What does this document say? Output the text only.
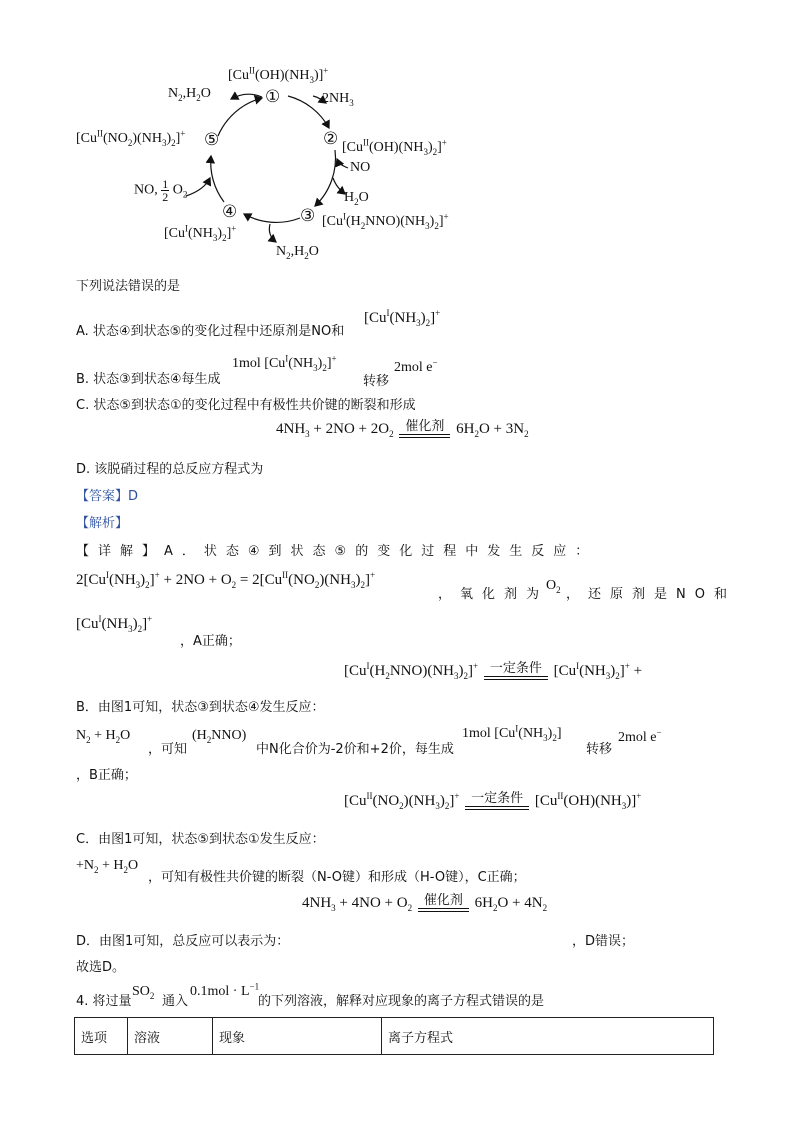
①
②
③
④
⑤
$[Cu^{II}(OH)(NH_3)]^+$
$[Cu^{II}(OH)(NH_3)_2]^+$
$[Cu^I(H_2NNO)(NH_3)_2]^+$
$[Cu^I(NH_3)_2]^+$
$[Cu^{II}(NO_2)(NH_3)_2]^+$
$2NH_3$
$N_2,H_2O$
NO
$H_2O$
$N_2,H_2O$
NO, $\frac{1}{2} O_2$
下列说法错误的是
A. 状态④到状态⑤的变化过程中还原剂是NO和
$[Cu^I(NH_3)_2]^+$
B. 状态③到状态④每生成
1mol $[Cu^I(NH_3)_2]^+$
转移
2mol e−
C. 状态⑤到状态①的变化过程中有极性共价键的断裂和形成
$4NH_3 + 2NO + 2O_2$ 催化剂 $6H_2O + 3N_2$
D. 该脱硝过程的总反应方程式为
【答案】D
【解析】
【详解】A．状态④到状态⑤的变化过程中发生反应：
$2[Cu^I(NH_3)_2]^+ + 2NO + O_2 = 2[Cu^{II}(NO_2)(NH_3)_2]^+$
，氧化剂为
$O_2$ ，还原剂是NO和
$[Cu^I(NH_3)_2]^+$
，A正确；
$[Cu^I(H_2NNO)(NH_3)_2]^+$ 一定条件 $[Cu^I(NH_3)_2]^+$ +
B．由图1可知，状态③到状态④发生反应：
$N_2 + H_2O$
，可知
$(H_2NNO)$
中N化合价为-2价和+2价，每生成
1mol $[Cu^I(NH_3)_2]$
转移
2mol e−
，B正确；
$[Cu^{II}(NO_2)(NH_3)_2]^+$ 一定条件 $[Cu^{II}(OH)(NH_3)]^+$
C．由图1可知，状态⑤到状态①发生反应：
$+N_2 + H_2O$
，可知有极性共价键的断裂（N-O键）和形成（H-O键），C正确；
$4NH_3 + 4NO + O_2$ 催化剂 $6H_2O + 4N_2$
D．由图1可知，总反应可以表示为：	，D错误；
故选D。
4. 将过量
$SO_2$ 通入
$0.1mol \cdot L^{-1}$
的下列溶液，解释对应现象的离子方程式错误的是
选项	溶液	现象	离子方程式
